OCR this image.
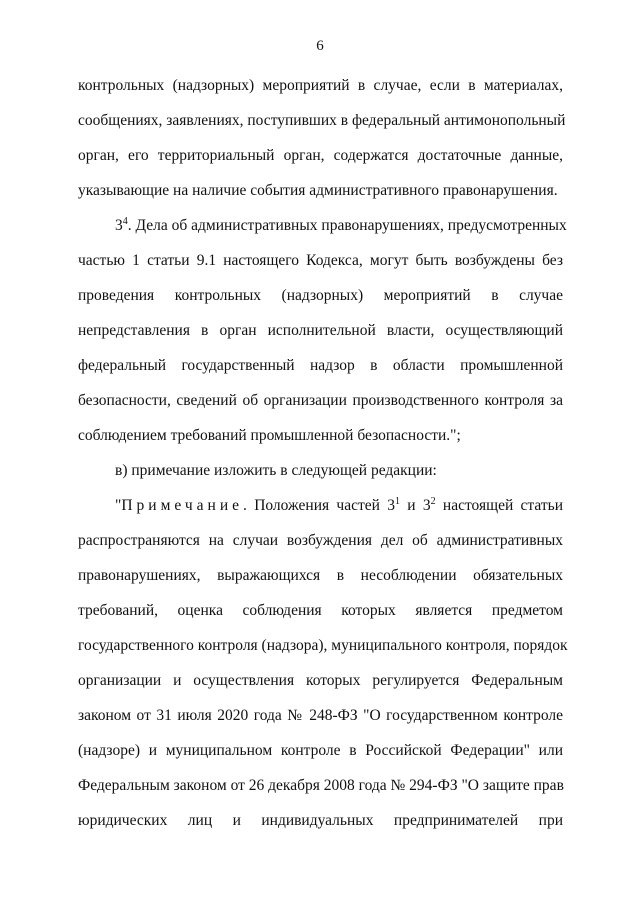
6
контрольных (надзорных) мероприятий в случае, если в материалах,
сообщениях, заявлениях, поступивших в федеральный антимонопольный
орган, его территориальный орган, содержатся достаточные данные,
указывающие на наличие события административного правонарушения.
$3^4$. Дела об административных правонарушениях, предусмотренных
частью 1 статьи 9.1 настоящего Кодекса, могут быть возбуждены без
проведения контрольных (надзорных) мероприятий в случае
непредставления в орган исполнительной власти, осуществляющий
федеральный государственный надзор в области промышленной
безопасности, сведений об организации производственного контроля за
соблюдением требований промышленной безопасности.";
в) примечание изложить в следующей редакции:
"Примечание. Положения частей $3^1$ и $3^2$ настоящей статьи
распространяются на случаи возбуждения дел об административных
правонарушениях, выражающихся в несоблюдении обязательных
требований, оценка соблюдения которых является предметом
государственного контроля (надзора), муниципального контроля, порядок
организации и осуществления которых регулируется Федеральным
законом от 31 июля 2020 года № 248-ФЗ "О государственном контроле
(надзоре) и муниципальном контроле в Российской Федерации" или
Федеральным законом от 26 декабря 2008 года № 294-ФЗ "О защите прав
юридических лиц и индивидуальных предпринимателей при
